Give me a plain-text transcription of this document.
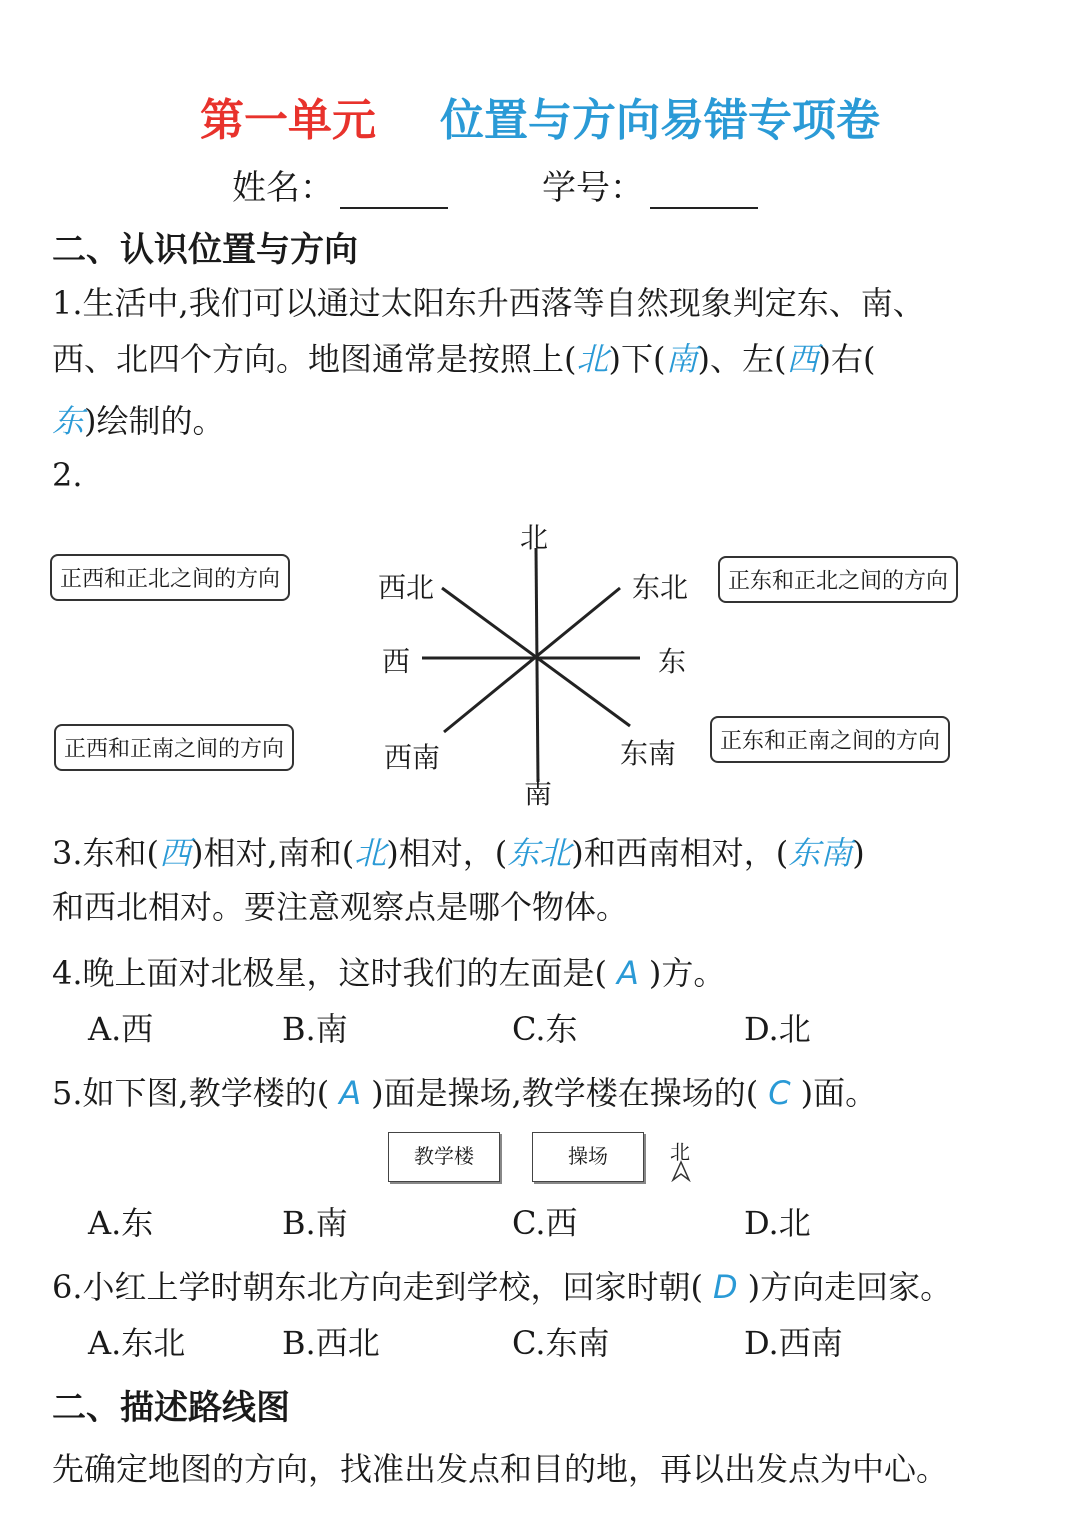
第一单元 位置与方向易错专项卷
姓名：	学号：
二、认识位置与方向
1.生活中,我们可以通过太阳东升西落等自然现象判定东、南、
西、北四个方向。地图通常是按照上(北)下(南)、左(西)右(
东)绘制的。
2.
北
南
东
西
西北	东北
西南	东南
正西和正北之间的方向	正东和正北之间的方向
正西和正南之间的方向	正东和正南之间的方向
3.东和(西)相对,南和(北)相对，(东北)和西南相对，(东南)
和西北相对。要注意观察点是哪个物体。
4.晚上面对北极星，这时我们的左面是( A )方。
A.西	B.南	C.东	D.北
5.如下图,教学楼的( A )面是操场,教学楼在操场的( C )面。
教学楼	操场	北
A.东	B.南	C.西	D.北
6.小红上学时朝东北方向走到学校，回家时朝( D )方向走回家。
A.东北	B.西北	C.东南	D.西南
二、描述路线图
先确定地图的方向，找准出发点和目的地，再以出发点为中心。
